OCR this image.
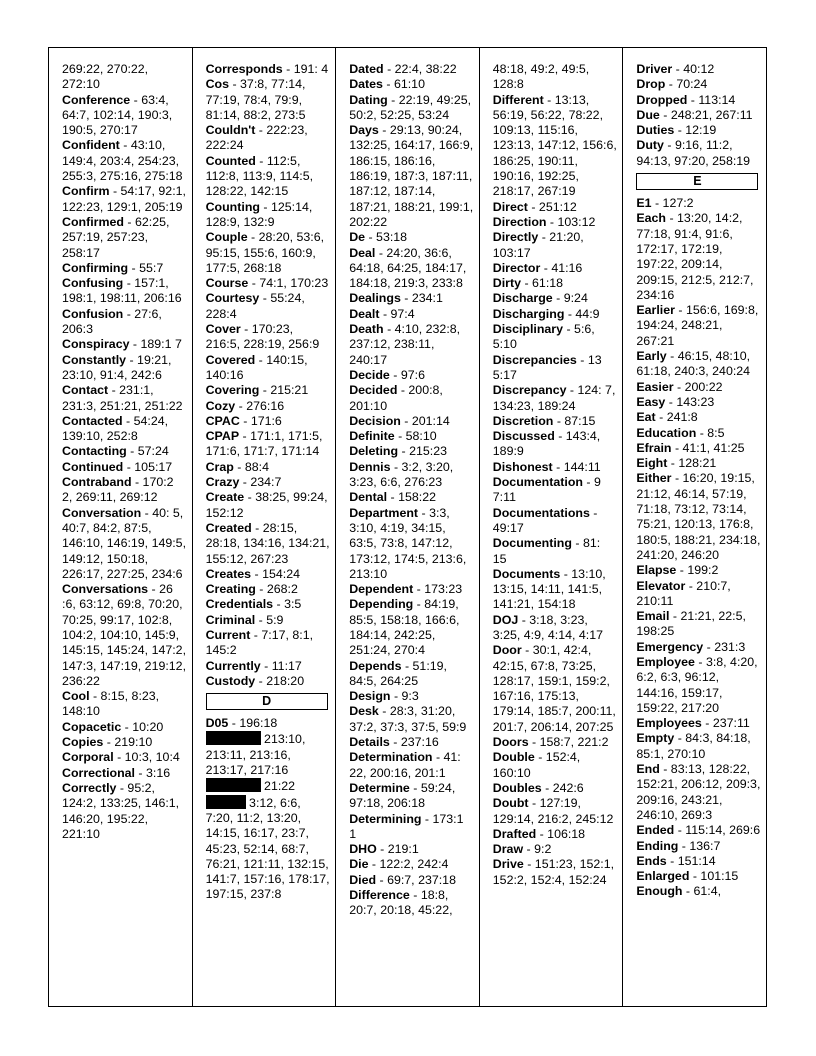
269:22, 270:22, 272:10
Conference - 63:4, 64:7, 102:14, 190:3, 190:5, 270:17
Confident - 43:10, 149:4, 203:4, 254:23, 255:3, 275:16, 275:18
Confirm - 54:17, 92:1, 122:23, 129:1, 205:19
Confirmed - 62:25, 257:19, 257:23, 258:17
Confirming - 55:7
Confusing - 157:1, 198:1, 198:11, 206:16
Confusion - 27:6, 206:3
Conspiracy - 189:1 7
Constantly - 19:21, 23:10, 91:4, 242:6
Contact - 231:1, 231:3, 251:21, 251:22
Contacted - 54:24, 139:10, 252:8
Contacting - 57:24
Continued - 105:17
Contraband - 170:2 2, 269:11, 269:12
Conversation - 40: 5, 40:7, 84:2, 87:5, 146:10, 146:19, 149:5, 149:12, 150:18, 226:17, 227:25, 234:6
Conversations - 26 :6, 63:12, 69:8, 70:20, 70:25, 99:17, 102:8, 104:2, 104:10, 145:9, 145:15, 145:24, 147:2, 147:3, 147:19, 219:12, 236:22
Cool - 8:15, 8:23, 148:10
Copacetic - 10:20
Copies - 219:10
Corporal - 10:3, 10:4
Correctional - 3:16
Correctly - 95:2, 124:2, 133:25, 146:1, 146:20, 195:22, 221:10
Corresponds - 191: 4
Cos - 37:8, 77:14, 77:19, 78:4, 79:9, 81:14, 88:2, 273:5
Couldn't - 222:23, 222:24
Counted - 112:5, 112:8, 113:9, 114:5, 128:22, 142:15
Counting - 125:14, 128:9, 132:9
Couple - 28:20, 53:6, 95:15, 155:6, 160:9, 177:5, 268:18
Course - 74:1, 170:23
Courtesy - 55:24, 228:4
Cover - 170:23, 216:5, 228:19, 256:9
Covered - 140:15, 140:16
Covering - 215:21
Cozy - 276:16
CPAC - 171:6
CPAP - 171:1, 171:5, 171:6, 171:7, 171:14
Crap - 88:4
Crazy - 234:7
Create - 38:25, 99:24, 152:12
Created - 28:15, 28:18, 134:16, 134:21, 155:12, 267:23
Creates - 154:24
Creating - 268:2
Credentials - 3:5
Criminal - 5:9
Current - 7:17, 8:1, 145:2
Currently - 11:17
Custody - 218:20
D
D05 - 196:18
213:10, 213:11, 213:16, 213:17, 217:16
21:22
3:12, 6:6, 7:20, 11:2, 13:20, 14:15, 16:17, 23:7, 45:23, 52:14, 68:7, 76:21, 121:11, 132:15, 141:7, 157:16, 178:17, 197:15, 237:8
Dated - 22:4, 38:22
Dates - 61:10
Dating - 22:19, 49:25, 50:2, 52:25, 53:24
Days - 29:13, 90:24, 132:25, 164:17, 166:9, 186:15, 186:16, 186:19, 187:3, 187:11, 187:12, 187:14, 187:21, 188:21, 199:1, 202:22
De - 53:18
Deal - 24:20, 36:6, 64:18, 64:25, 184:17, 184:18, 219:3, 233:8
Dealings - 234:1
Dealt - 97:4
Death - 4:10, 232:8, 237:12, 238:11, 240:17
Decide - 97:6
Decided - 200:8, 201:10
Decision - 201:14
Definite - 58:10
Deleting - 215:23
Dennis - 3:2, 3:20, 3:23, 6:6, 276:23
Dental - 158:22
Department - 3:3, 3:10, 4:19, 34:15, 63:5, 73:8, 147:12, 173:12, 174:5, 213:6, 213:10
Dependent - 173:23
Depending - 84:19, 85:5, 158:18, 166:6, 184:14, 242:25, 251:24, 270:4
Depends - 51:19, 84:5, 264:25
Design - 9:3
Desk - 28:3, 31:20, 37:2, 37:3, 37:5, 59:9
Details - 237:16
Determination - 41: 22, 200:16, 201:1
Determine - 59:24, 97:18, 206:18
Determining - 173:1 1
DHO - 219:1
Die - 122:2, 242:4
Died - 69:7, 237:18
Difference - 18:8, 20:7, 20:18, 45:22,
48:18, 49:2, 49:5, 128:8
Different - 13:13, 56:19, 56:22, 78:22, 109:13, 115:16, 123:13, 147:12, 156:6, 186:25, 190:11, 190:16, 192:25, 218:17, 267:19
Direct - 251:12
Direction - 103:12
Directly - 21:20, 103:17
Director - 41:16
Dirty - 61:18
Discharge - 9:24
Discharging - 44:9
Disciplinary - 5:6, 5:10
Discrepancies - 13 5:17
Discrepancy - 124: 7, 134:23, 189:24
Discretion - 87:15
Discussed - 143:4, 189:9
Dishonest - 144:11
Documentation - 9 7:11
Documentations - 49:17
Documenting - 81: 15
Documents - 13:10, 13:15, 14:11, 141:5, 141:21, 154:18
DOJ - 3:18, 3:23, 3:25, 4:9, 4:14, 4:17
Door - 30:1, 42:4, 42:15, 67:8, 73:25, 128:17, 159:1, 159:2, 167:16, 175:13, 179:14, 185:7, 200:11, 201:7, 206:14, 207:25
Doors - 158:7, 221:2
Double - 152:4, 160:10
Doubles - 242:6
Doubt - 127:19, 129:14, 216:2, 245:12
Drafted - 106:18
Draw - 9:2
Drive - 151:23, 152:1, 152:2, 152:4, 152:24
Driver - 40:12
Drop - 70:24
Dropped - 113:14
Due - 248:21, 267:11
Duties - 12:19
Duty - 9:16, 11:2, 94:13, 97:20, 258:19
E
E1 - 127:2
Each - 13:20, 14:2, 77:18, 91:4, 91:6, 172:17, 172:19, 197:22, 209:14, 209:15, 212:5, 212:7, 234:16
Earlier - 156:6, 169:8, 194:24, 248:21, 267:21
Early - 46:15, 48:10, 61:18, 240:3, 240:24
Easier - 200:22
Easy - 143:23
Eat - 241:8
Education - 8:5
Efrain - 41:1, 41:25
Eight - 128:21
Either - 16:20, 19:15, 21:12, 46:14, 57:19, 71:18, 73:12, 73:14, 75:21, 120:13, 176:8, 180:5, 188:21, 234:18, 241:20, 246:20
Elapse - 199:2
Elevator - 210:7, 210:11
Email - 21:21, 22:5, 198:25
Emergency - 231:3
Employee - 3:8, 4:20, 6:2, 6:3, 96:12, 144:16, 159:17, 159:22, 217:20
Employees - 237:11
Empty - 84:3, 84:18, 85:1, 270:10
End - 83:13, 128:22, 152:21, 206:12, 209:3, 209:16, 243:21, 246:10, 269:3
Ended - 115:14, 269:6
Ending - 136:7
Ends - 151:14
Enlarged - 101:15
Enough - 61:4,
